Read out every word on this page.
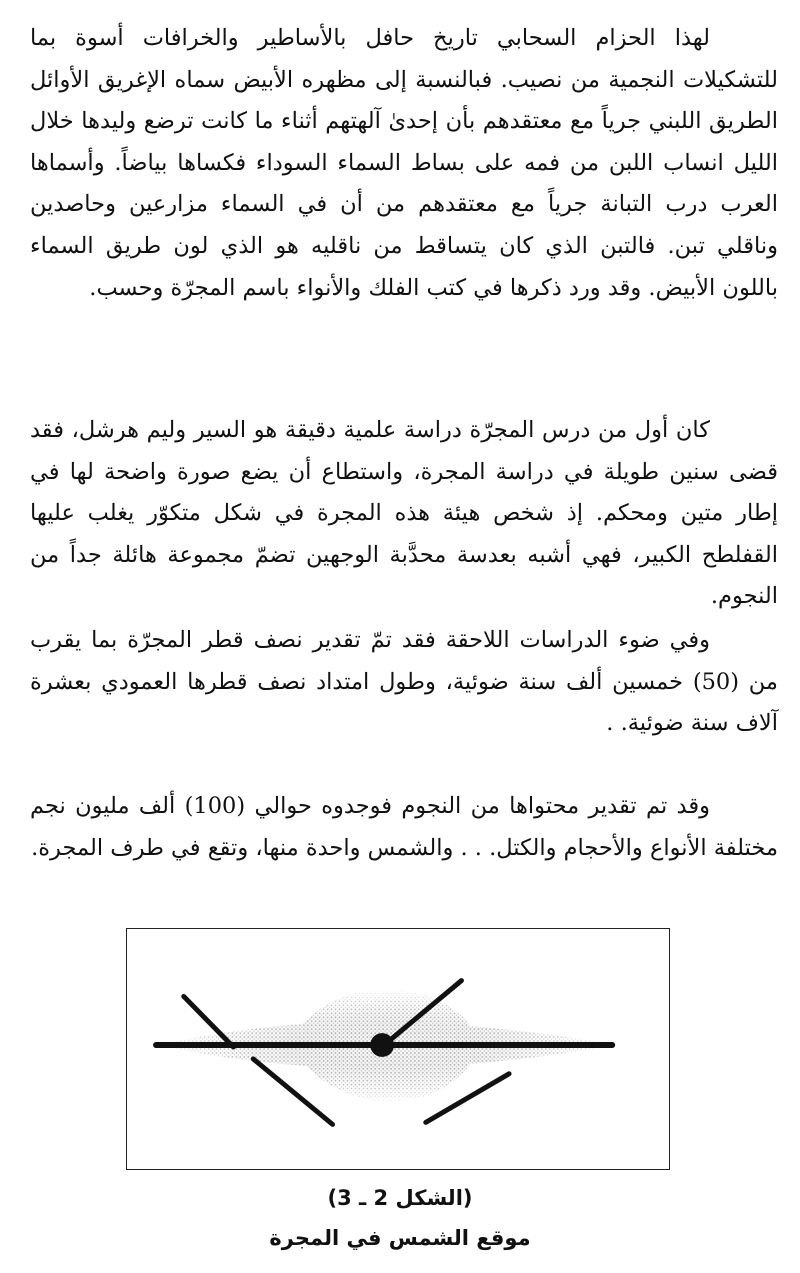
لهذا الحزام السحابي تاريخ حافل بالأساطير والخرافات أسوة بما للتشكيلات النجمية من نصيب. فبالنسبة إلى مظهره الأبيض سماه الإغريق الأوائل الطريق اللبني جرياً مع معتقدهم بأن إحدىٰ آلهتهم أثناء ما كانت ترضع وليدها خلال الليل انساب اللبن من فمه على بساط السماء السوداء فكساها بياضاً. وأسماها العرب درب التبانة جرياً مع معتقدهم من أن في السماء مزارعين وحاصدين وناقلي تبن. فالتبن الذي كان يتساقط من ناقليه هو الذي لون طريق السماء باللون الأبيض. وقد ورد ذكرها في كتب الفلك والأنواء باسم المجرّة وحسب.

كان أول من درس المجرّة دراسة علمية دقيقة هو السير وليم هرشل، فقد قضى سنين طويلة في دراسة المجرة، واستطاع أن يضع صورة واضحة لها في إطار متين ومحكم. إذ شخص هيئة هذه المجرة في شكل متكوّر يغلب عليها القفلطح الكبير، فهي أشبه بعدسة محدَّبة الوجهين تضمّ مجموعة هائلة جداً من النجوم.

وفي ضوء الدراسات اللاحقة فقد تمّ تقدير نصف قطر المجرّة بما يقرب من (50) خمسين ألف سنة ضوئية، وطول امتداد نصف قطرها العمودي بعشرة آلاف سنة ضوئية. .

وقد تم تقدير محتواها من النجوم فوجدوه حوالي (100) ألف مليون نجم مختلفة الأنواع والأحجام والكتل. . . والشمس واحدة منها، وتقع في طرف المجرة.

(الشكل 2 ـ 3)
موقع الشمس في المجرة
